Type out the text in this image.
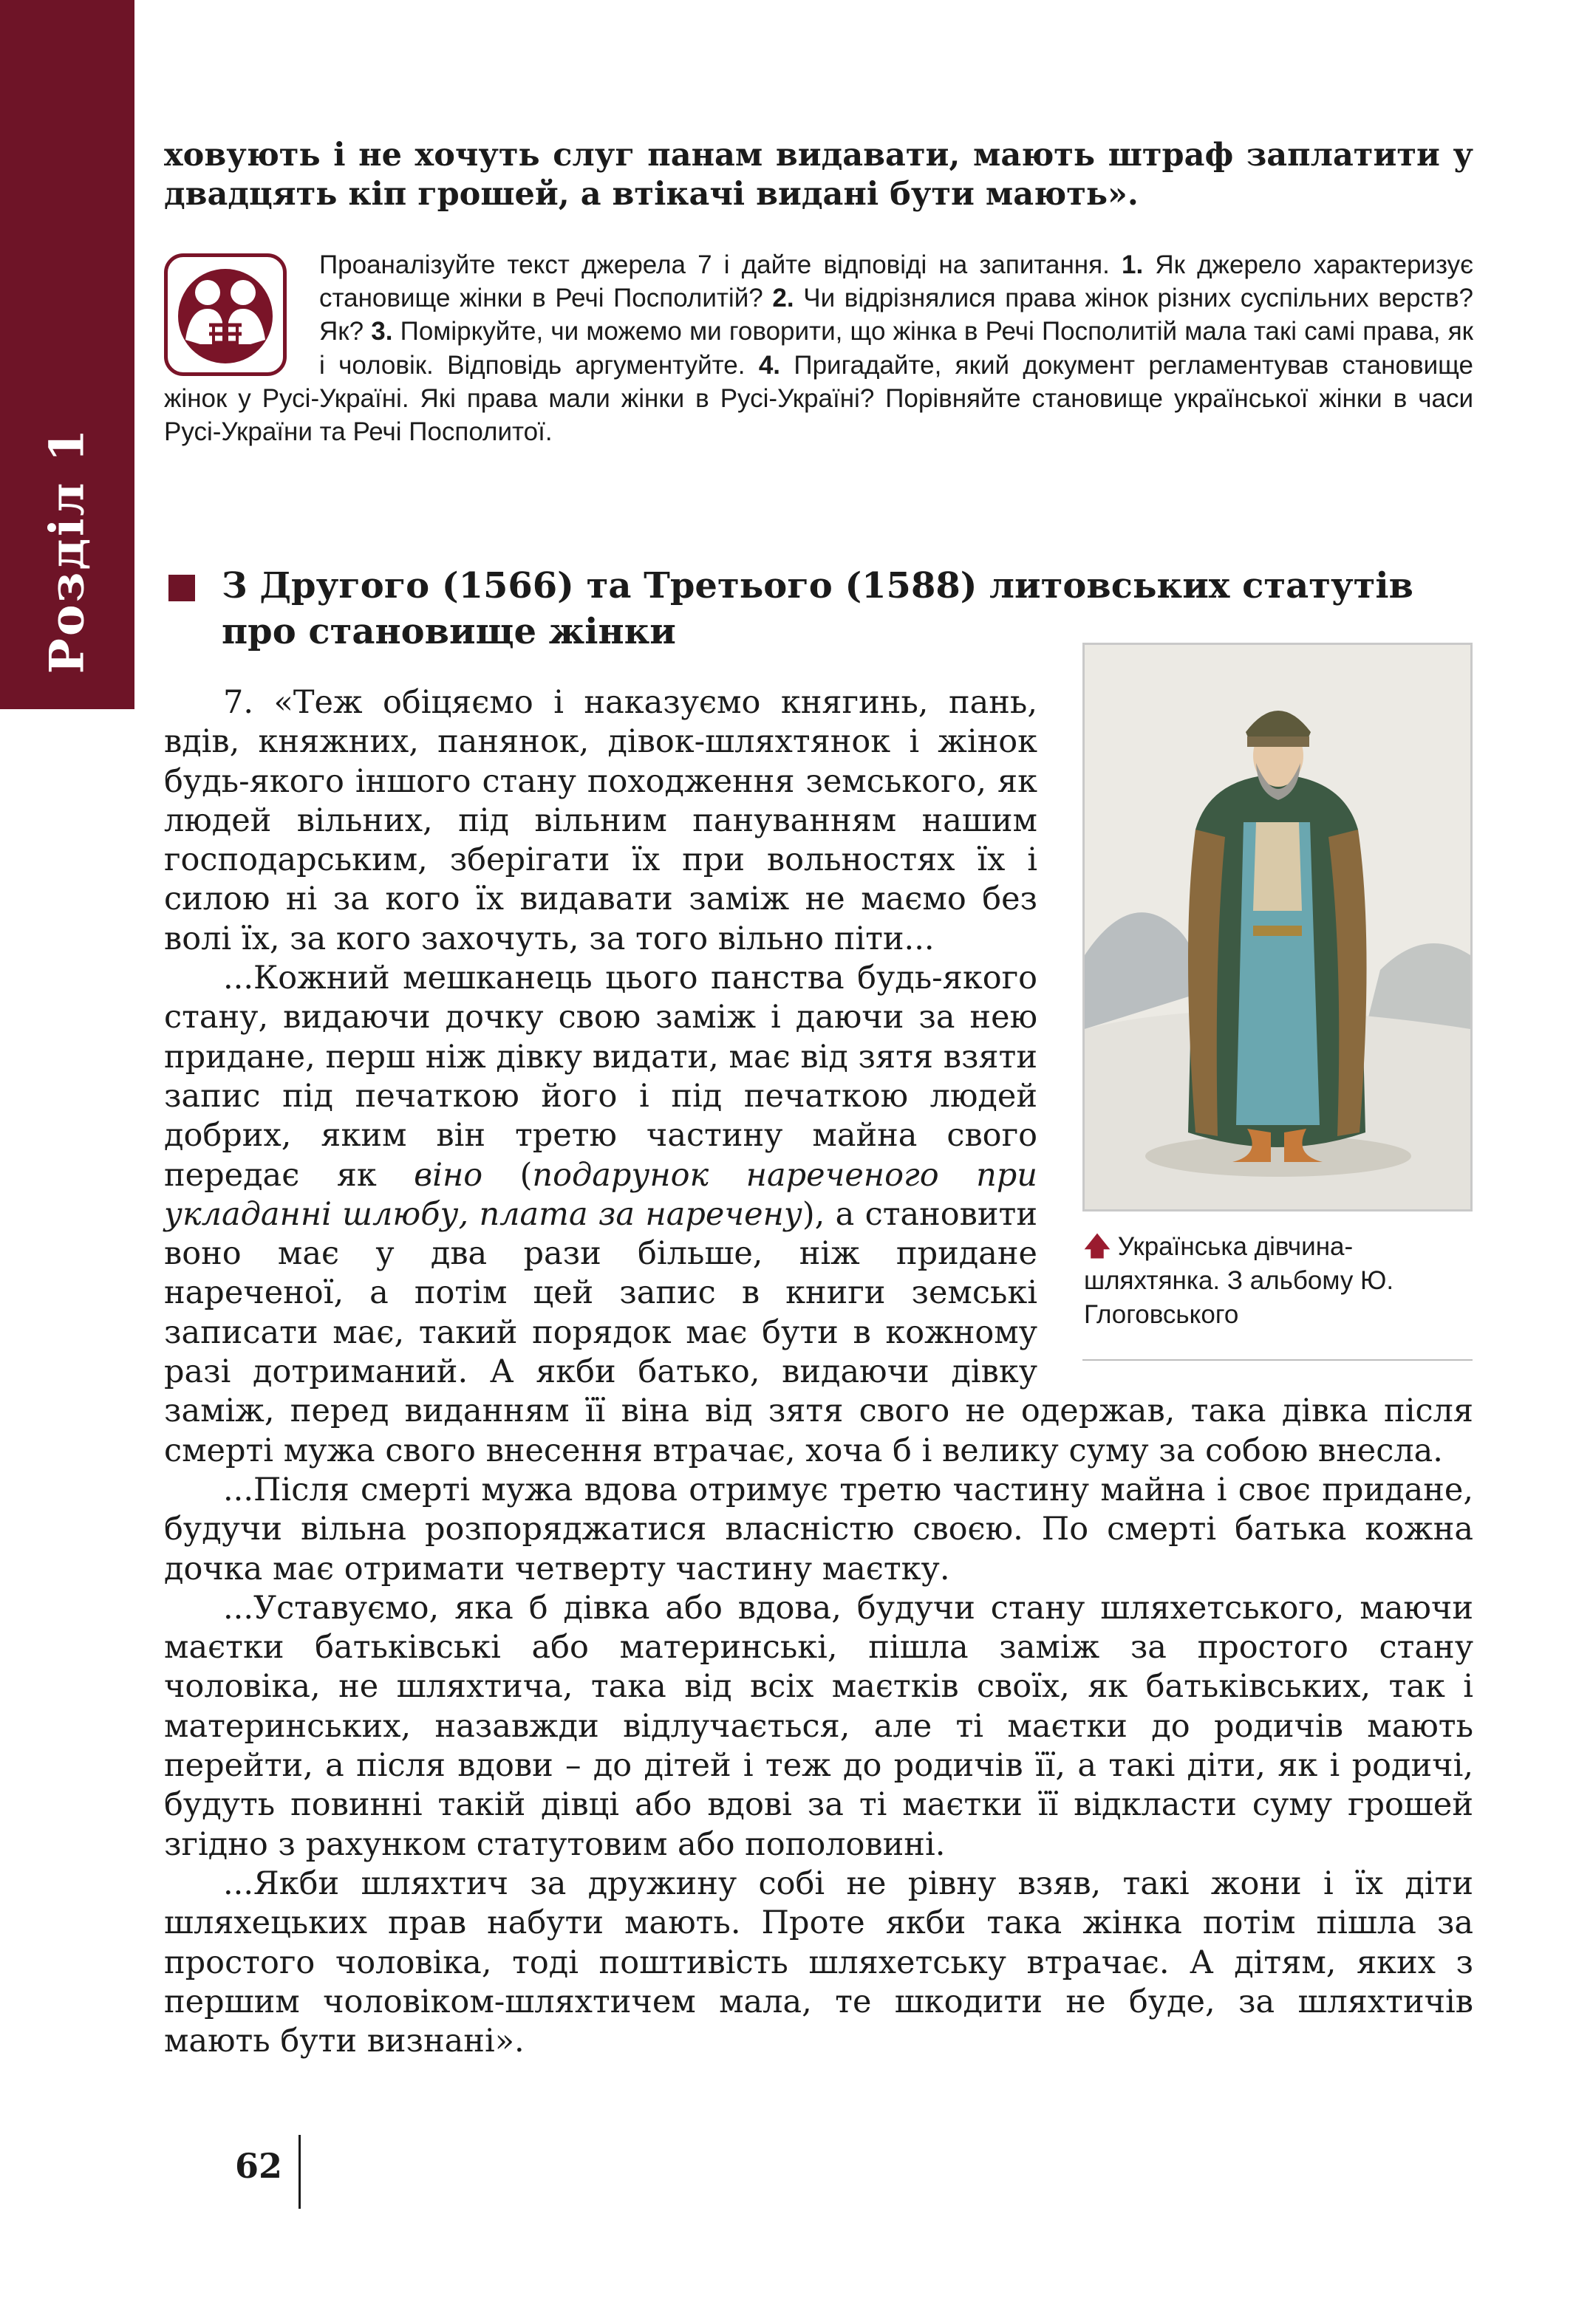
Розділ 1
ховують і не хочуть слуг панам видавати, мають штраф заплатити у двадцять кіп грошей, а втікачі видані бути мають».
Проаналізуйте текст джерела 7 і дайте відповіді на запитання. 1. Як джерело характеризує становище жінки в Речі Посполитій? 2. Чи відрізнялися права жінок різних суспільних верств? Як? 3. Поміркуйте, чи можемо ми говорити, що жінка в Речі Посполитій мала такі самі права, як і чоловік. Відповідь аргументуйте. 4. Пригадайте, який документ регламентував становище жінок у Русі-Україні. Які права мали жінки в Русі-Україні? Порівняйте становище української жінки в часи Русі-України та Речі Посполитої.
З Другого (1566) та Третього (1588) литовських статутів про становище жінки
🡅 Українська дівчина-шляхтянка. З альбому Ю. Глоговського

7. «Теж обіцяємо і наказуємо княгинь, пань, вдів, княжних, панянок, дівок-шляхтянок і жінок будь-якого іншого стану походження земського, як людей вільних, під вільним пануванням нашим господарським, зберігати їх при вольностях їх і силою ні за кого їх видавати заміж не маємо без волі їх, за кого захочуть, за того вільно піти...

...Кожний мешканець цього панства будь-якого стану, видаючи дочку свою заміж і даючи за нею придане, перш ніж дівку видати, має від зятя взяти запис під печаткою його і під печаткою людей добрих, яким він третю частину майна свого передає як віно (подарунок нареченого при укладанні шлюбу, плата за наречену), а становити воно має у два рази більше, ніж придане нареченої, а потім цей запис в книги земські записати має, такий порядок має бути в кожному разі дотриманий. А якби батько, видаючи дівку заміж, перед виданням її віна від зятя свого не одержав, така дівка після смерті мужа свого внесення втрачає, хоча б і велику суму за собою внесла.

...Після смерті мужа вдова отримує третю частину майна і своє придане, будучи вільна розпоряджатися власністю своєю. По смерті батька кожна дочка має отримати четверту частину маєтку.

...Уставуємо, яка б дівка або вдова, будучи стану шляхетського, маючи маєтки батьківські або материнські, пішла заміж за простого стану чоловіка, не шляхтича, така від всіх маєтків своїх, як батьківських, так і материнських, назавжди відлучається, але ті маєтки до родичів мають перейти, а після вдови – до дітей і теж до родичів її, а такі діти, як і родичі, будуть повинні такій дівці або вдові за ті маєтки її відкласти суму грошей згідно з рахунком статутовим або пополовині.

...Якби шляхтич за дружину собі не рівну взяв, такі жони і їх діти шляхецьких прав набути мають. Проте якби така жінка потім пішла за простого чоловіка, тоді поштивість шляхетську втрачає. А дітям, яких з першим чоловіком-шляхтичем мала, те шкодити не буде, за шляхтичів мають бути визнані».

62
